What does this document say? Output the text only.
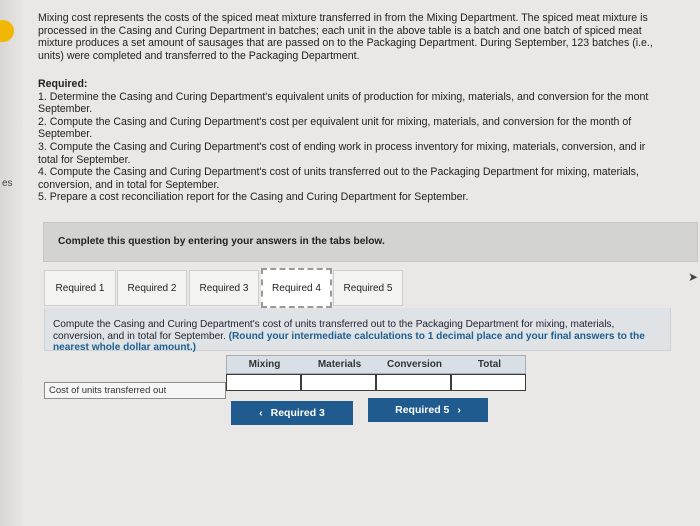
es

Mixing cost represents the costs of the spiced meat mixture transferred in from the Mixing Department. The spiced meat mixture is

processed in the Casing and Curing Department in batches; each unit in the above table is a batch and one batch of spiced meat

mixture produces a set amount of sausages that are passed on to the Packaging Department. During September, 123 batches (i.e.,

units) were completed and transferred to the Packaging Department.

Required:

1. Determine the Casing and Curing Department's equivalent units of production for mixing, materials, and conversion for the mont

September.

2. Compute the Casing and Curing Department's cost per equivalent unit for mixing, materials, and conversion for the month of

September.

3. Compute the Casing and Curing Department's cost of ending work in process inventory for mixing, materials, conversion, and ir

total for September.

4. Compute the Casing and Curing Department's cost of units transferred out to the Packaging Department for mixing, materials,

conversion, and in total for September.

5. Prepare a cost reconciliation report for the Casing and Curing Department for September.

Complete this question by entering your answers in the tabs below.
Required 1	Required 2	Required 3	Required 4	Required 5
➤

Compute the Casing and Curing Department's cost of units transferred out to the Packaging Department for mixing, materials, conversion, and in total for September. (Round your intermediate calculations to 1 decimal place and your final answers to the nearest whole dollar amount.)

Mixing	Materials	Conversion	Total
Cost of units transferred out
‹ Required 3	Required 5 ›
